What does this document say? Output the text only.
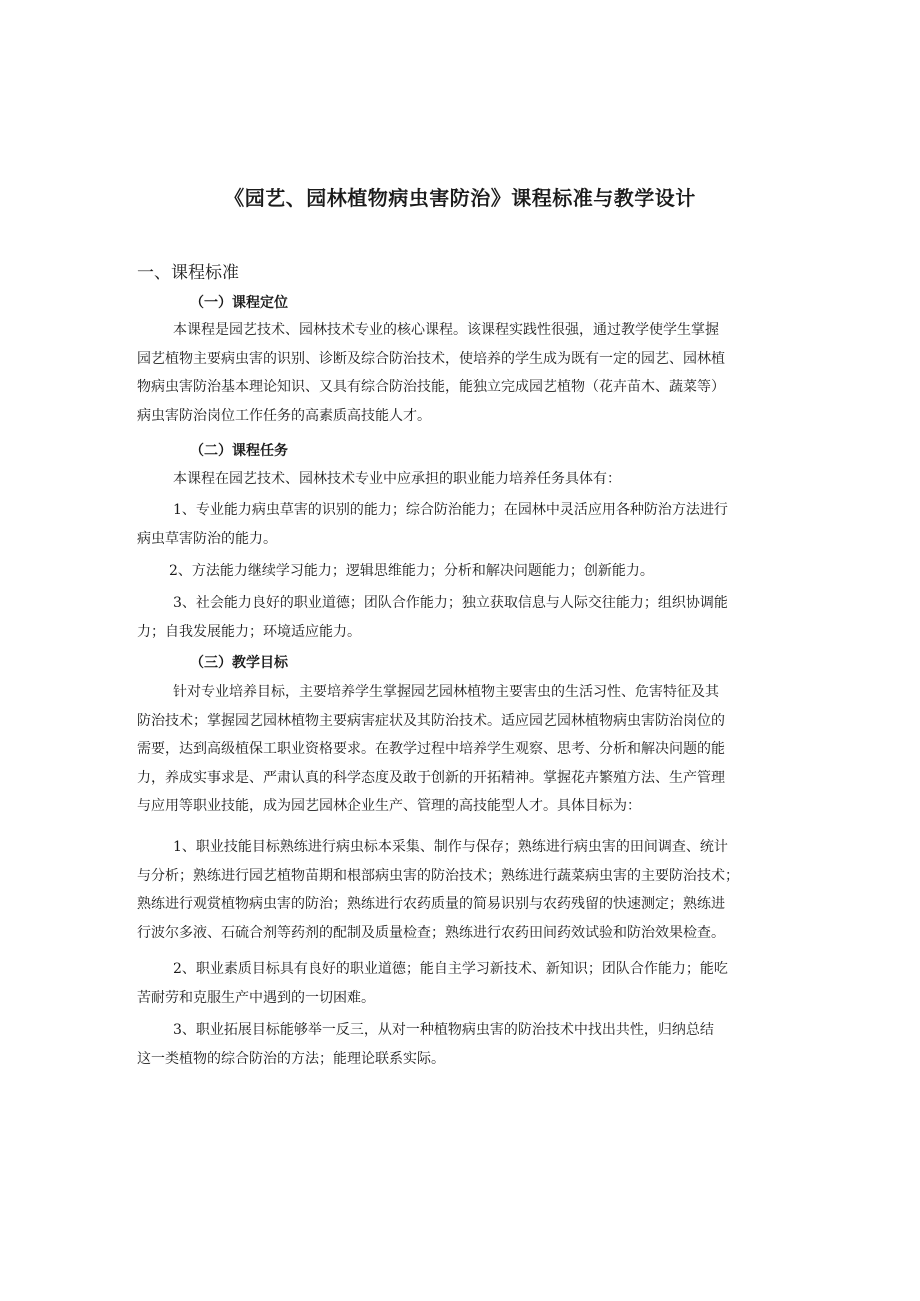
《园艺、园林植物病虫害防治》课程标准与教学设计
一、课程标准
（一）课程定位
本课程是园艺技术、园林技术专业的核心课程。该课程实践性很强，通过教学使学生掌握
园艺植物主要病虫害的识别、诊断及综合防治技术，使培养的学生成为既有一定的园艺、园林植
物病虫害防治基本理论知识、又具有综合防治技能，能独立完成园艺植物（花卉苗木、蔬菜等）
病虫害防治岗位工作任务的高素质高技能人才。
（二）课程任务
本课程在园艺技术、园林技术专业中应承担的职业能力培养任务具体有：
1、专业能力病虫草害的识别的能力；综合防治能力；在园林中灵活应用各种防治方法进行
病虫草害防治的能力。
2、方法能力继续学习能力；逻辑思维能力；分析和解决问题能力；创新能力。
3、社会能力良好的职业道德；团队合作能力；独立获取信息与人际交往能力；组织协调能
力；自我发展能力；环境适应能力。
（三）教学目标
针对专业培养目标，主要培养学生掌握园艺园林植物主要害虫的生活习性、危害特征及其
防治技术；掌握园艺园林植物主要病害症状及其防治技术。适应园艺园林植物病虫害防治岗位的
需要，达到高级植保工职业资格要求。在教学过程中培养学生观察、思考、分析和解决问题的能
力，养成实事求是、严肃认真的科学态度及敢于创新的开拓精神。掌握花卉繁殖方法、生产管理
与应用等职业技能，成为园艺园林企业生产、管理的高技能型人才。具体目标为：
1、职业技能目标熟练进行病虫标本采集、制作与保存；熟练进行病虫害的田间调查、统计
与分析；熟练进行园艺植物苗期和根部病虫害的防治技术；熟练进行蔬菜病虫害的主要防治技术；
熟练进行观赏植物病虫害的防治；熟练进行农药质量的简易识别与农药残留的快速测定；熟练进
行波尔多液、石硫合剂等药剂的配制及质量检查；熟练进行农药田间药效试验和防治效果检查。
2、职业素质目标具有良好的职业道德；能自主学习新技术、新知识；团队合作能力；能吃
苦耐劳和克服生产中遇到的一切困难。
3、职业拓展目标能够举一反三，从对一种植物病虫害的防治技术中找出共性，归纳总结
这一类植物的综合防治的方法；能理论联系实际。
